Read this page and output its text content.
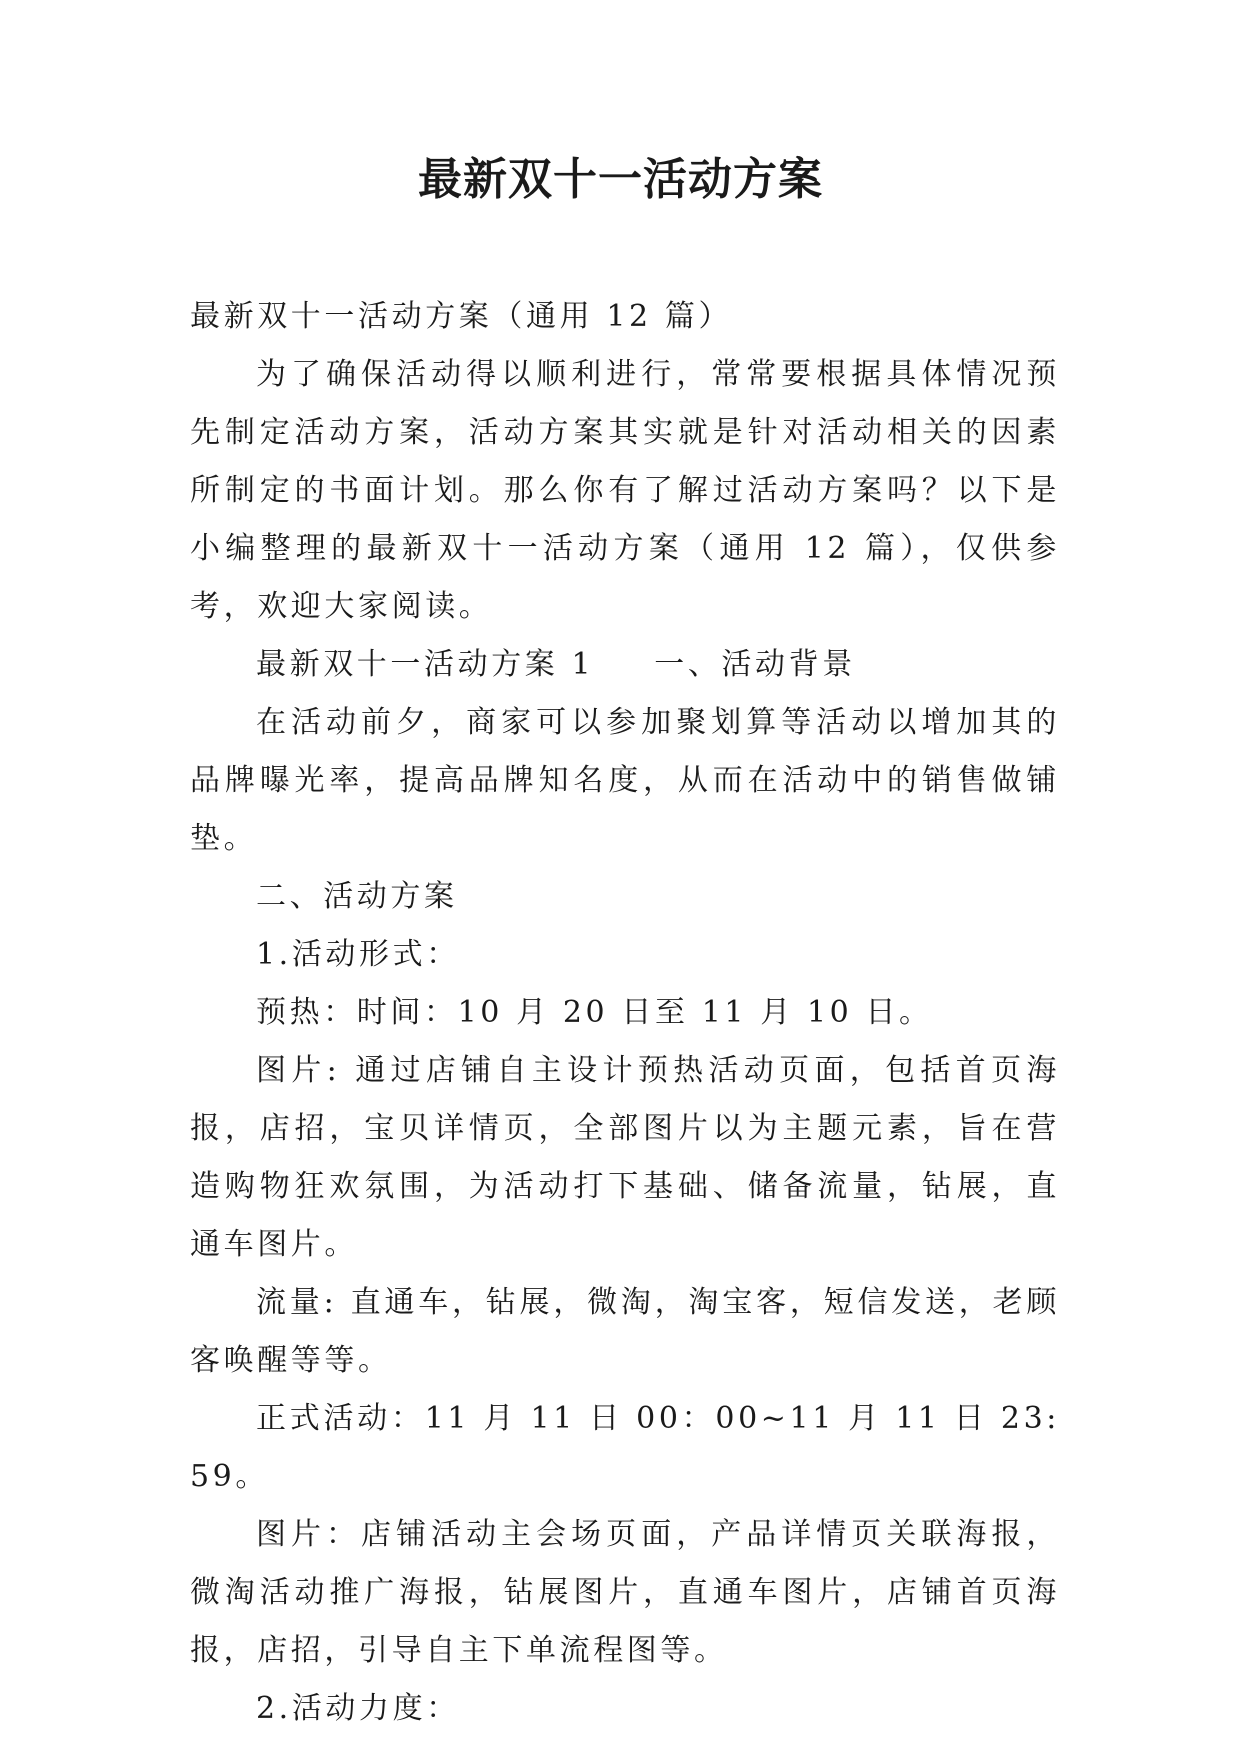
最新双十一活动方案

最新双十一活动方案（通用 12 篇）

为了确保活动得以顺利进行，常常要根据具体情况预先制定活动方案，活动方案其实就是针对活动相关的因素所制定的书面计划。那么你有了解过活动方案吗？以下是小编整理的最新双十一活动方案（通用 12 篇），仅供参考，欢迎大家阅读。

最新双十一活动方案 1 一、活动背景

在活动前夕，商家可以参加聚划算等活动以增加其的品牌曝光率，提高品牌知名度，从而在活动中的销售做铺垫。

二、活动方案

1.活动形式：

预热：时间：10 月 20 日至 11 月 10 日。

图片: 通过店铺自主设计预热活动页面，包括首页海报，店招，宝贝详情页，全部图片以为主题元素，旨在营造购物狂欢氛围，为活动打下基础、储备流量，钻展，直通车图片。

流量: 直通车，钻展，微淘，淘宝客，短信发送，老顾客唤醒等等。

正式活动：11 月 11 日 00：00~11 月 11 日 23:59。

图片：店铺活动主会场页面，产品详情页关联海报，微淘活动推广海报，钻展图片，直通车图片，店铺首页海报，店招，引导自主下单流程图等。

2.活动力度：
